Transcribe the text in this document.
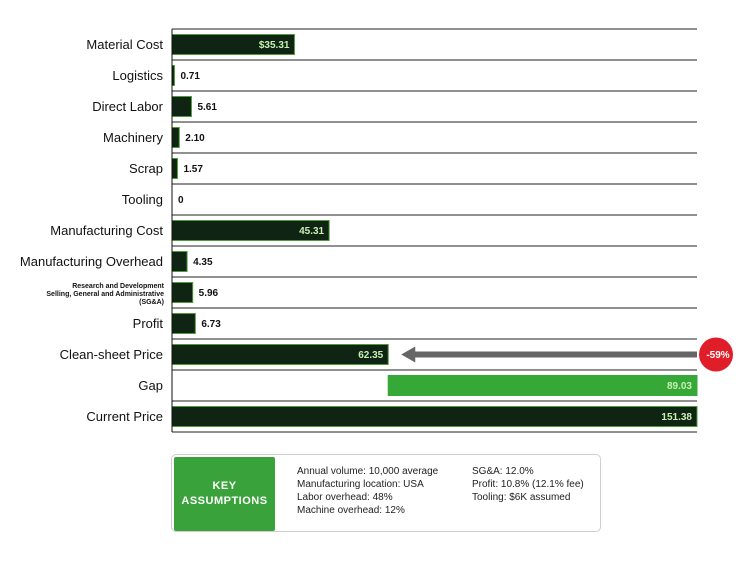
Material Cost
Logistics
Direct Labor
Machinery
Scrap
Tooling
Manufacturing Cost
Manufacturing Overhead
Research and Development
Selling, General and Administrative
(SG&A)
Profit
Clean-sheet Price
Gap
Current Price
$35.31
0.71
5.61
2.10
1.57
0
45.31
4.35
5.96
6.73
62.35
89.03
151.38
-59%
KEY
ASSUMPTIONS
Annual volume: 10,000 average
Manufacturing location: USA
Labor overhead: 48%
Machine overhead: 12%
SG&A: 12.0%
Profit: 10.8% (12.1% fee)
Tooling: $6K assumed
